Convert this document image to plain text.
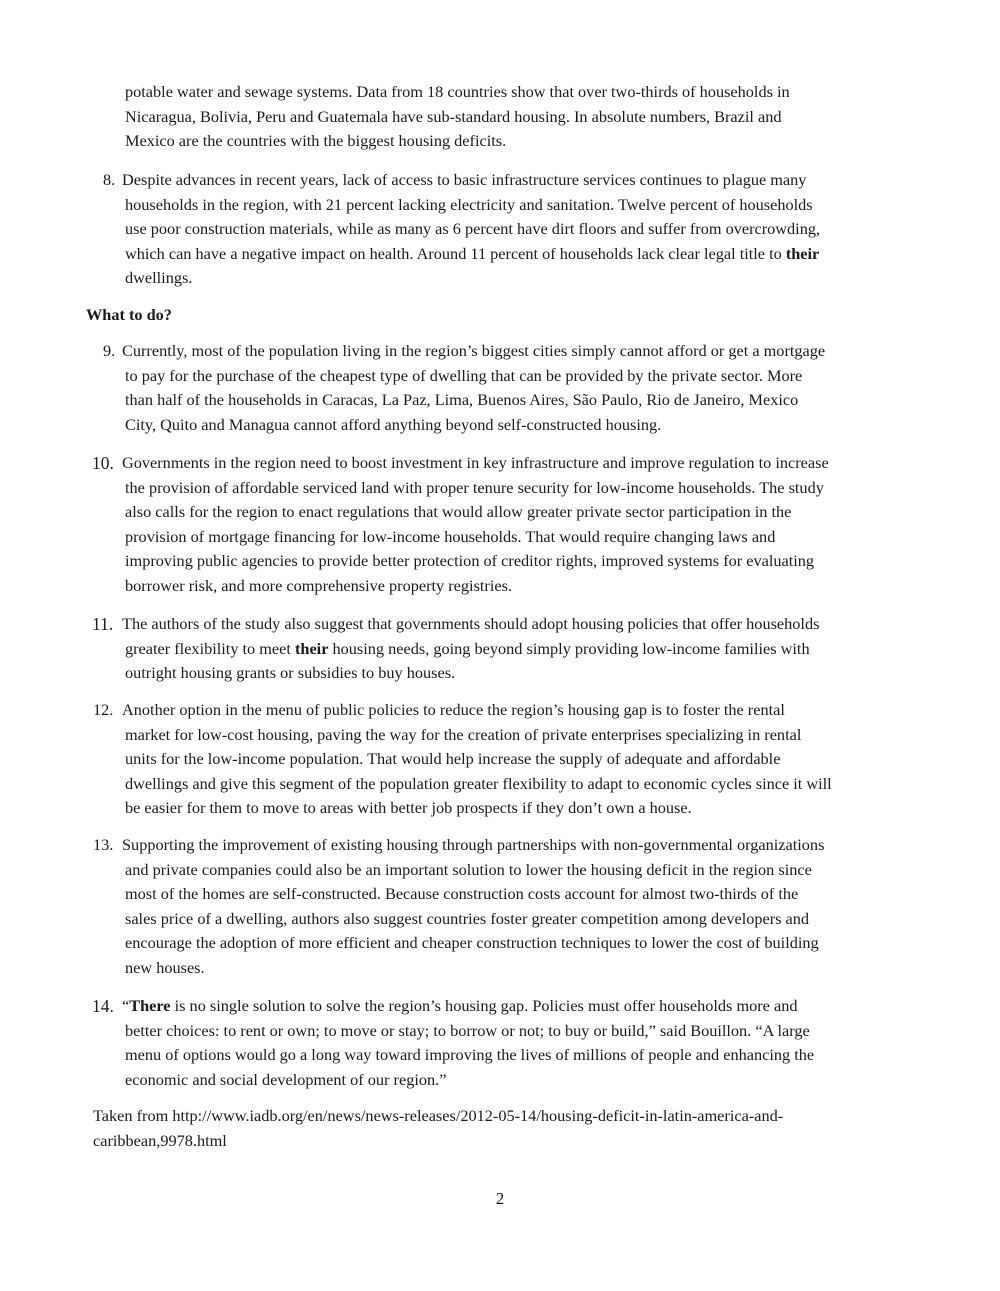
potable water and sewage systems. Data from 18 countries show that over two-thirds of households in
Nicaragua, Bolivia, Peru and Guatemala have sub-standard housing. In absolute numbers, Brazil and
Mexico are the countries with the biggest housing deficits.
8. Despite advances in recent years, lack of access to basic infrastructure services continues to plague many
households in the region, with 21 percent lacking electricity and sanitation. Twelve percent of households
use poor construction materials, while as many as 6 percent have dirt floors and suffer from overcrowding,
which can have a negative impact on health. Around 11 percent of households lack clear legal title to their
dwellings.
What to do?
9. Currently, most of the population living in the region’s biggest cities simply cannot afford or get a mortgage
to pay for the purchase of the cheapest type of dwelling that can be provided by the private sector. More
than half of the households in Caracas, La Paz, Lima, Buenos Aires, São Paulo, Rio de Janeiro, Mexico
City, Quito and Managua cannot afford anything beyond self-constructed housing.
10. Governments in the region need to boost investment in key infrastructure and improve regulation to increase
the provision of affordable serviced land with proper tenure security for low-income households. The study
also calls for the region to enact regulations that would allow greater private sector participation in the
provision of mortgage financing for low-income households. That would require changing laws and
improving public agencies to provide better protection of creditor rights, improved systems for evaluating
borrower risk, and more comprehensive property registries.
11. The authors of the study also suggest that governments should adopt housing policies that offer households
greater flexibility to meet their housing needs, going beyond simply providing low-income families with
outright housing grants or subsidies to buy houses.
12. Another option in the menu of public policies to reduce the region’s housing gap is to foster the rental
market for low-cost housing, paving the way for the creation of private enterprises specializing in rental
units for the low-income population. That would help increase the supply of adequate and affordable
dwellings and give this segment of the population greater flexibility to adapt to economic cycles since it will
be easier for them to move to areas with better job prospects if they don’t own a house.
13. Supporting the improvement of existing housing through partnerships with non-governmental organizations
and private companies could also be an important solution to lower the housing deficit in the region since
most of the homes are self-constructed. Because construction costs account for almost two-thirds of the
sales price of a dwelling, authors also suggest countries foster greater competition among developers and
encourage the adoption of more efficient and cheaper construction techniques to lower the cost of building
new houses.
14. “There is no single solution to solve the region’s housing gap. Policies must offer households more and
better choices: to rent or own; to move or stay; to borrow or not; to buy or build,” said Bouillon. “A large
menu of options would go a long way toward improving the lives of millions of people and enhancing the
economic and social development of our region.”
Taken from http://www.iadb.org/en/news/news-releases/2012-05-14/housing-deficit-in-latin-america-and-
caribbean,9978.html
2
